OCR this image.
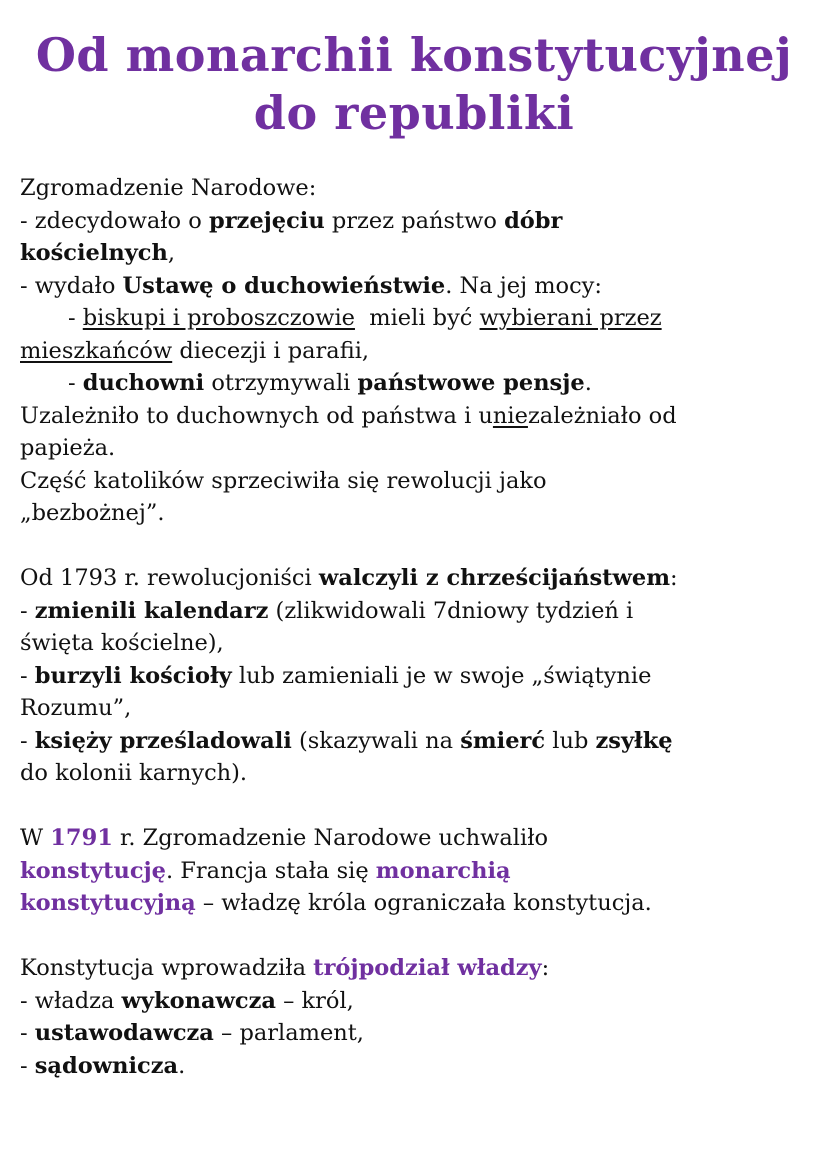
Od monarchii konstytucyjnej
do republiki
Zgromadzenie Narodowe:
- zdecydowało o przejęciu przez państwo dóbr
kościelnych,
- wydało Ustawę o duchowieństwie. Na jej mocy:
- biskupi i proboszczowie  mieli być wybierani przez
mieszkańców diecezji i parafii,
- duchowni otrzymywali państwowe pensje.
Uzależniło to duchownych od państwa i uniezależniało od
papieża.
Część katolików sprzeciwiła się rewolucji jako
„bezbożnej”.
Od 1793 r. rewolucjoniści walczyli z chrześcijaństwem:
- zmienili kalendarz (zlikwidowali 7dniowy tydzień i
święta kościelne),
- burzyli kościoły lub zamieniali je w swoje „świątynie
Rozumu”,
- księży prześladowali (skazywali na śmierć lub zsyłkę
do kolonii karnych).
W 1791 r. Zgromadzenie Narodowe uchwaliło
konstytucję. Francja stała się monarchią
konstytucyjną – władzę króla ograniczała konstytucja.
Konstytucja wprowadziła trójpodział władzy:
- władza wykonawcza – król,
- ustawodawcza – parlament,
- sądownicza.
